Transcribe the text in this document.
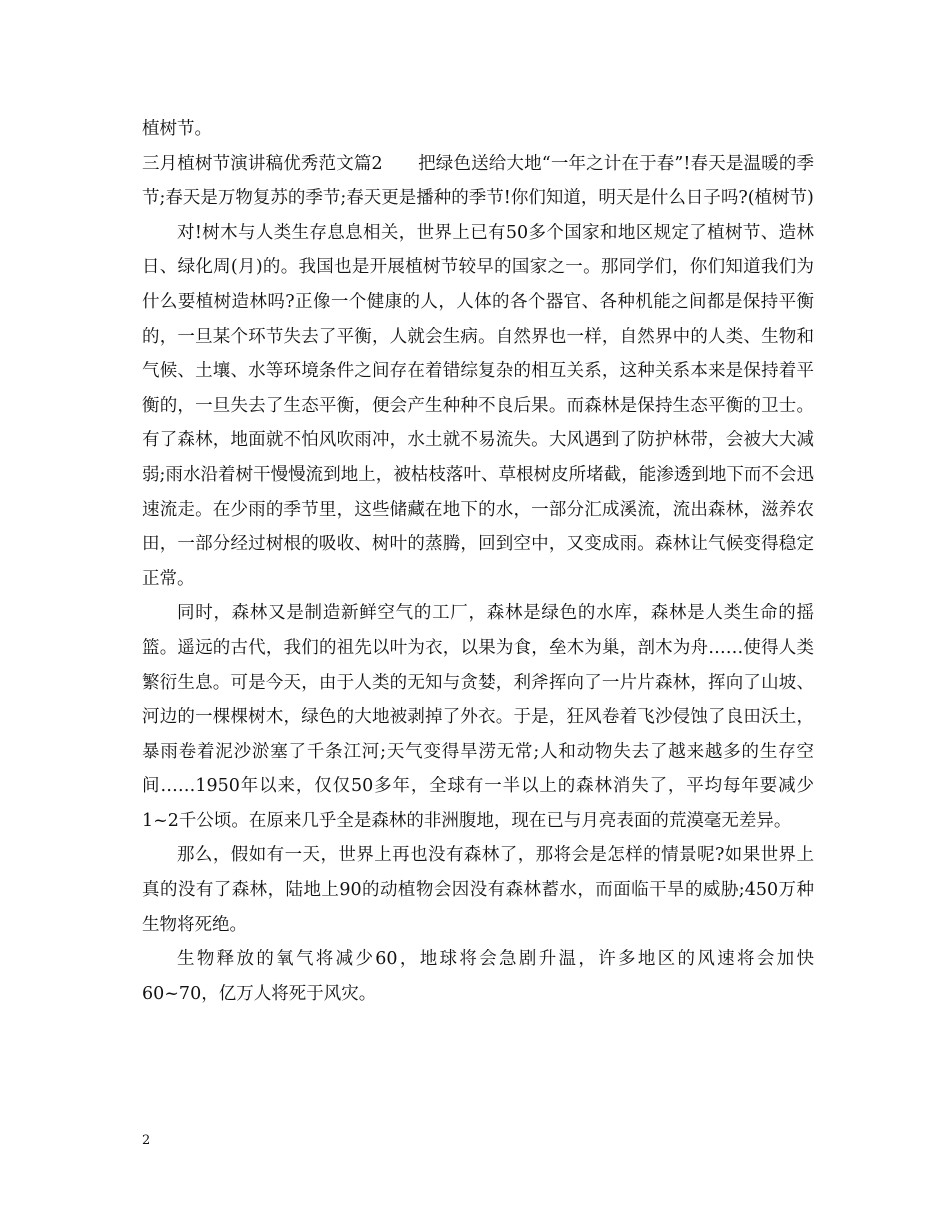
植树节。

三月植树节演讲稿优秀范文篇2　　把绿色送给大地“一年之计在于春”!春天是温暖的季节;春天是万物复苏的季节;春天更是播种的季节!你们知道，明天是什么日子吗?(植树节)

对!树木与人类生存息息相关，世界上已有50多个国家和地区规定了植树节、造林日、绿化周(月)的。我国也是开展植树节较早的国家之一。那同学们，你们知道我们为什么要植树造林吗?正像一个健康的人，人体的各个器官、各种机能之间都是保持平衡的，一旦某个环节失去了平衡，人就会生病。自然界也一样，自然界中的人类、生物和气候、土壤、水等环境条件之间存在着错综复杂的相互关系，这种关系本来是保持着平衡的，一旦失去了生态平衡，便会产生种种不良后果。而森林是保持生态平衡的卫士。有了森林，地面就不怕风吹雨冲，水土就不易流失。大风遇到了防护林带，会被大大减弱;雨水沿着树干慢慢流到地上，被枯枝落叶、草根树皮所堵截，能渗透到地下而不会迅速流走。在少雨的季节里，这些储藏在地下的水，一部分汇成溪流，流出森林，滋养农田，一部分经过树根的吸收、树叶的蒸腾，回到空中，又变成雨。森林让气候变得稳定正常。

同时，森林又是制造新鲜空气的工厂，森林是绿色的水库，森林是人类生命的摇篮。遥远的古代，我们的祖先以叶为衣，以果为食，垒木为巢，剖木为舟……使得人类繁衍生息。可是今天，由于人类的无知与贪婪，利斧挥向了一片片森林，挥向了山坡、河边的一棵棵树木，绿色的大地被剥掉了外衣。于是，狂风卷着飞沙侵蚀了良田沃土，暴雨卷着泥沙淤塞了千条江河;天气变得旱涝无常;人和动物失去了越来越多的生存空间……1950年以来，仅仅50多年，全球有一半以上的森林消失了，平均每年要减少1~2千公顷。在原来几乎全是森林的非洲腹地，现在已与月亮表面的荒漠毫无差异。

那么，假如有一天，世界上再也没有森林了，那将会是怎样的情景呢?如果世界上真的没有了森林，陆地上90的动植物会因没有森林蓄水，而面临干旱的威胁;450万种生物将死绝。

生物释放的氧气将减少60，地球将会急剧升温，许多地区的风速将会加快60~70，亿万人将死于风灾。

2
